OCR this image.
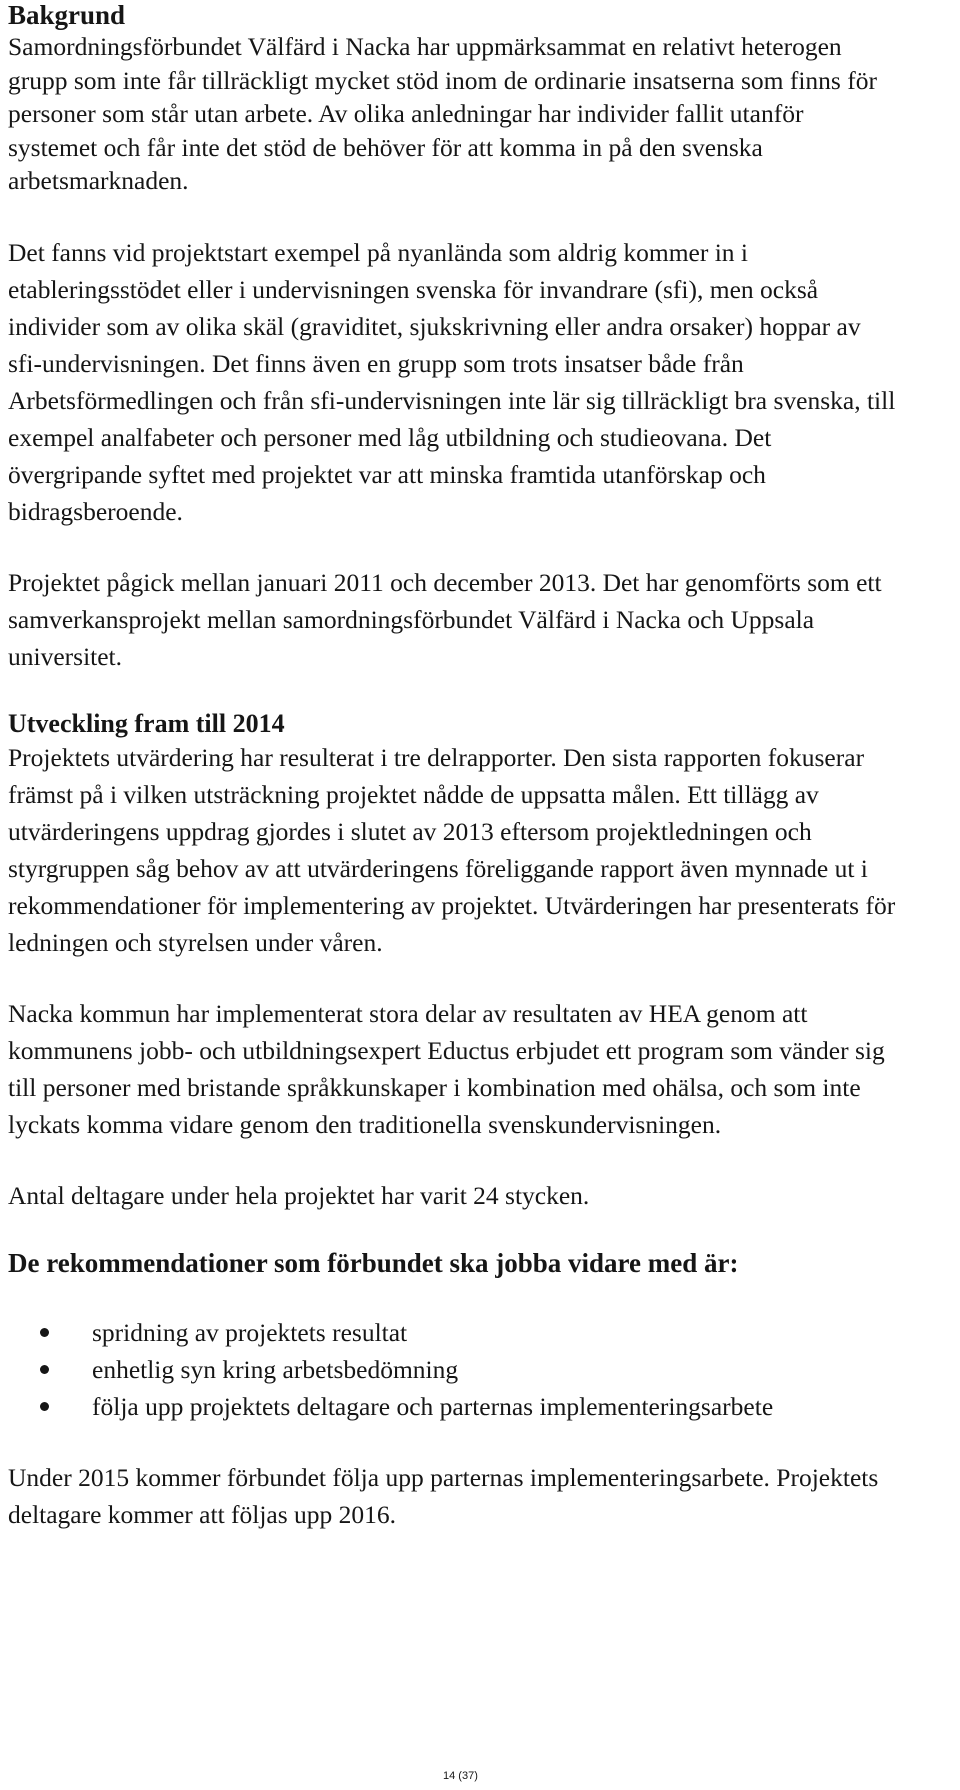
Bakgrund

Samordningsförbundet Välfärd i Nacka har uppmärksammat en relativt heterogen grupp som inte får tillräckligt mycket stöd inom de ordinarie insatserna som finns för personer som står utan arbete. Av olika anledningar har individer fallit utanför systemet och får inte det stöd de behöver för att komma in på den svenska arbetsmarknaden.

Det fanns vid projektstart exempel på nyanlända som aldrig kommer in i etableringsstödet eller i undervisningen svenska för invandrare (sfi), men också individer som av olika skäl (graviditet, sjukskrivning eller andra orsaker) hoppar av sfi-undervisningen. Det finns även en grupp som trots insatser både från Arbetsförmedlingen och från sfi-undervisningen inte lär sig tillräckligt bra svenska, till exempel analfabeter och personer med låg utbildning och studieovana. Det övergripande syftet med projektet var att minska framtida utanförskap och bidragsberoende.

Projektet pågick mellan januari 2011 och december 2013. Det har genomförts som ett samverkansprojekt mellan samordningsförbundet Välfärd i Nacka och Uppsala universitet.

Utveckling fram till 2014

Projektets utvärdering har resulterat i tre delrapporter. Den sista rapporten fokuserar främst på i vilken utsträckning projektet nådde de uppsatta målen. Ett tillägg av utvärderingens uppdrag gjordes i slutet av 2013 eftersom projektledningen och styrgruppen såg behov av att utvärderingens föreliggande rapport även mynnade ut i rekommendationer för implementering av projektet. Utvärderingen har presenterats för ledningen och styrelsen under våren.

Nacka kommun har implementerat stora delar av resultaten av HEA genom att kommunens jobb- och utbildningsexpert Eductus erbjudet ett program som vänder sig till personer med bristande språkkunskaper i kombination med ohälsa, och som inte lyckats komma vidare genom den traditionella svenskundervisningen.

Antal deltagare under hela projektet har varit 24 stycken.

De rekommendationer som förbundet ska jobba vidare med är:
spridning av projektets resultat
enhetlig syn kring arbetsbedömning
följa upp projektets deltagare och parternas implementeringsarbete

Under 2015 kommer förbundet följa upp parternas implementeringsarbete. Projektets deltagare kommer att följas upp 2016.

14 (37)
